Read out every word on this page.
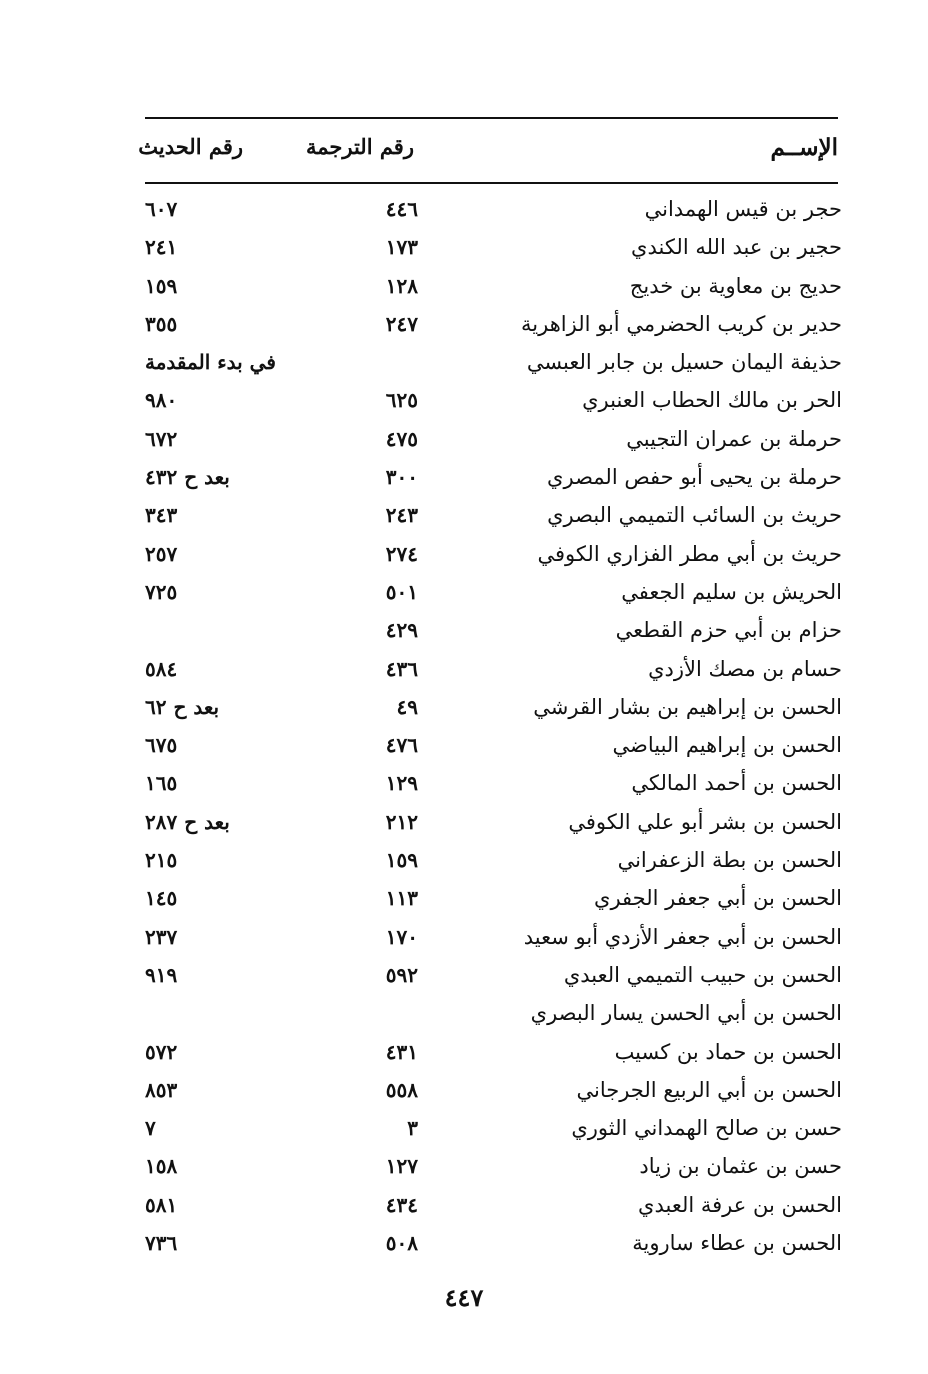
الإســم
رقم الترجمة
رقم الحديث
حجر بن قيس الهمداني
٤٤٦
٦٠٧
حجير بن عبد الله الكندي
١٧٣
٢٤١
حديج بن معاوية بن خديج
١٢٨
١٥٩
حدير بن كريب الحضرمي أبو الزاهرية
٢٤٧
٣٥٥
حذيفة اليمان حسيل بن جابر العبسي
في بدء المقدمة
الحر بن مالك الحطاب العنبري
٦٢٥
٩٨٠
حرملة بن عمران التجيبي
٤٧٥
٦٧٢
حرملة بن يحيى أبو حفص المصري
٣٠٠
بعد ح ٤٣٢
حريث بن السائب التميمي البصري
٢٤٣
٣٤٣
حريث بن أبي مطر الفزاري الكوفي
٢٧٤
٢٥٧
الحريش بن سليم الجعفي
٥٠١
٧٢٥
حزام بن أبي حزم القطعي
٤٢٩
حسام بن مصك الأزدي
٤٣٦
٥٨٤
الحسن بن إبراهيم بن بشار القرشي
٤٩
بعد ح ٦٢
الحسن بن إبراهيم البياضي
٤٧٦
٦٧٥
الحسن بن أحمد المالكي
١٢٩
١٦٥
الحسن بن بشر أبو علي الكوفي
٢١٢
بعد ح ٢٨٧
الحسن بن بطة الزعفراني
١٥٩
٢١٥
الحسن بن أبي جعفر الجفري
١١٣
١٤٥
الحسن بن أبي جعفر الأزدي أبو سعيد
١٧٠
٢٣٧
الحسن بن حبيب التميمي العبدي
٥٩٢
٩١٩
الحسن بن أبي الحسن يسار البصري
الحسن بن حماد بن كسيب
٤٣١
٥٧٢
الحسن بن أبي الربيع الجرجاني
٥٥٨
٨٥٣
حسن بن صالح الهمداني الثوري
٣
٧
حسن بن عثمان بن زياد
١٢٧
١٥٨
الحسن بن عرفة العبدي
٤٣٤
٥٨١
الحسن بن عطاء ساروية
٥٠٨
٧٣٦
٤٤٧
